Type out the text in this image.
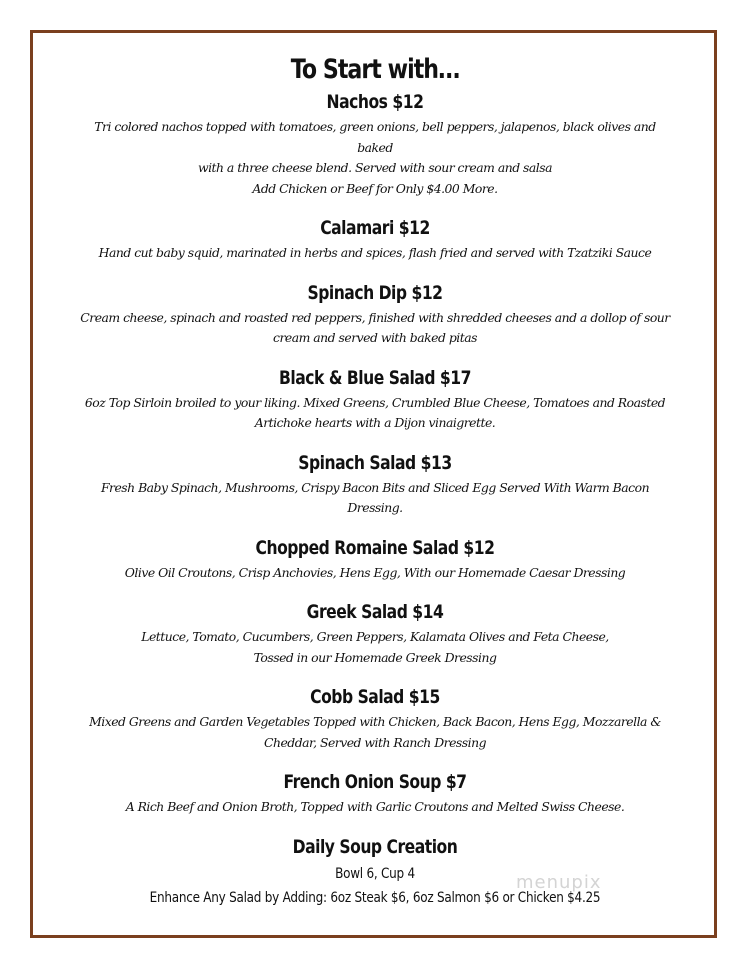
To Start with…
Nachos $12
Tri colored nachos topped with tomatoes, green onions, bell peppers, jalapenos, black olives and baked
with a three cheese blend. Served with sour cream and salsa
Add Chicken or Beef for Only $4.00 More.
Calamari $12
Hand cut baby squid, marinated in herbs and spices, flash fried and served with Tzatziki Sauce
Spinach Dip $12
Cream cheese, spinach and roasted red peppers, finished with shredded cheeses and a dollop of sour
cream and served with baked pitas
Black & Blue Salad $17
6oz Top Sirloin broiled to your liking. Mixed Greens, Crumbled Blue Cheese, Tomatoes and Roasted
Artichoke hearts with a Dijon vinaigrette.
Spinach Salad $13
Fresh Baby Spinach, Mushrooms, Crispy Bacon Bits and Sliced Egg Served With Warm Bacon Dressing.
Chopped Romaine Salad $12
Olive Oil Croutons, Crisp Anchovies, Hens Egg, With our Homemade Caesar Dressing
Greek Salad $14
Lettuce, Tomato, Cucumbers, Green Peppers, Kalamata Olives and Feta Cheese,
Tossed in our Homemade Greek Dressing
Cobb Salad $15
Mixed Greens and Garden Vegetables Topped with Chicken, Back Bacon, Hens Egg, Mozzarella &
Cheddar, Served with Ranch Dressing
French Onion Soup $7
A Rich Beef and Onion Broth, Topped with Garlic Croutons and Melted Swiss Cheese.
Daily Soup Creation
Bowl 6, Cup 4
Enhance Any Salad by Adding: 6oz Steak $6, 6oz Salmon $6 or Chicken $4.25
menupix
